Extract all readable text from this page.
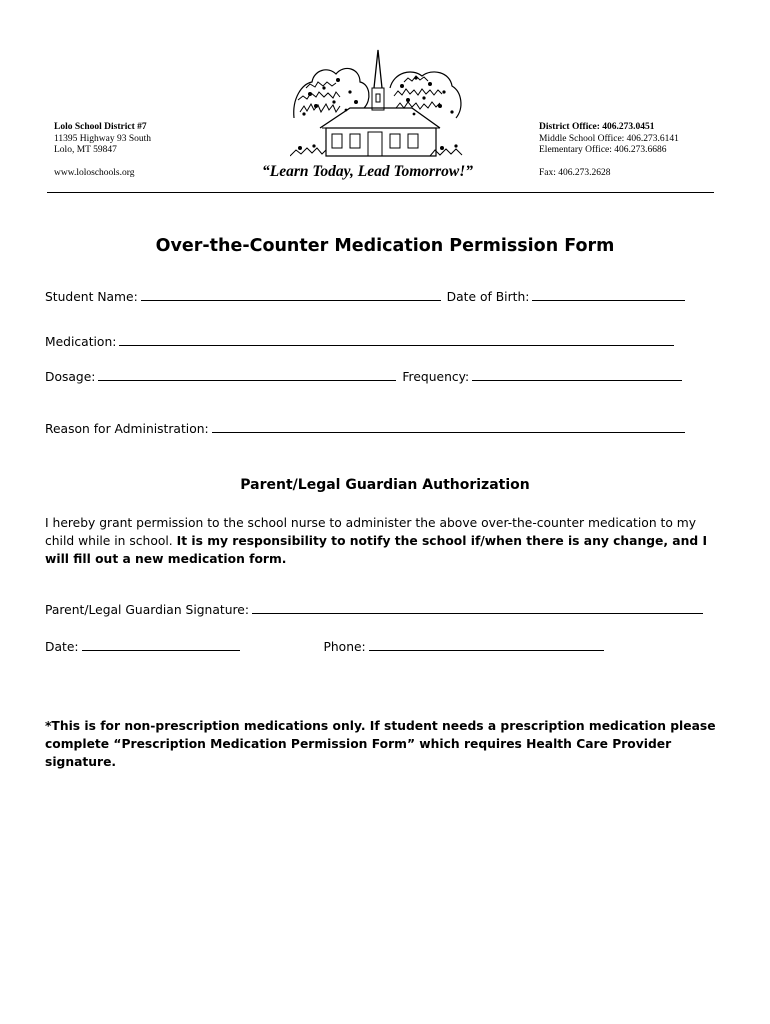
Lolo School District #7
11395 Highway 93 South
Lolo, MT 59847
www.loloschools.org	“Learn Today, Lead Tomorrow!”
District Office: 406.273.0451
Middle School Office: 406.273.6141
Elementary Office: 406.273.6686
Fax: 406.273.2628
Over-the-Counter Medication Permission Form
Student Name:	Date of Birth:
Medication:
Dosage:	Frequency:
Reason for Administration:
Parent/Legal Guardian Authorization
I hereby grant permission to the school nurse to administer the above over-the-counter medication to my child while in school. It is my responsibility to notify the school if/when there is any change, and I will fill out a new medication form.
Parent/Legal Guardian Signature:
Date:	Phone:
*This is for non-prescription medications only. If student needs a prescription medication please complete “Prescription Medication Permission Form” which requires Health Care Provider signature.
